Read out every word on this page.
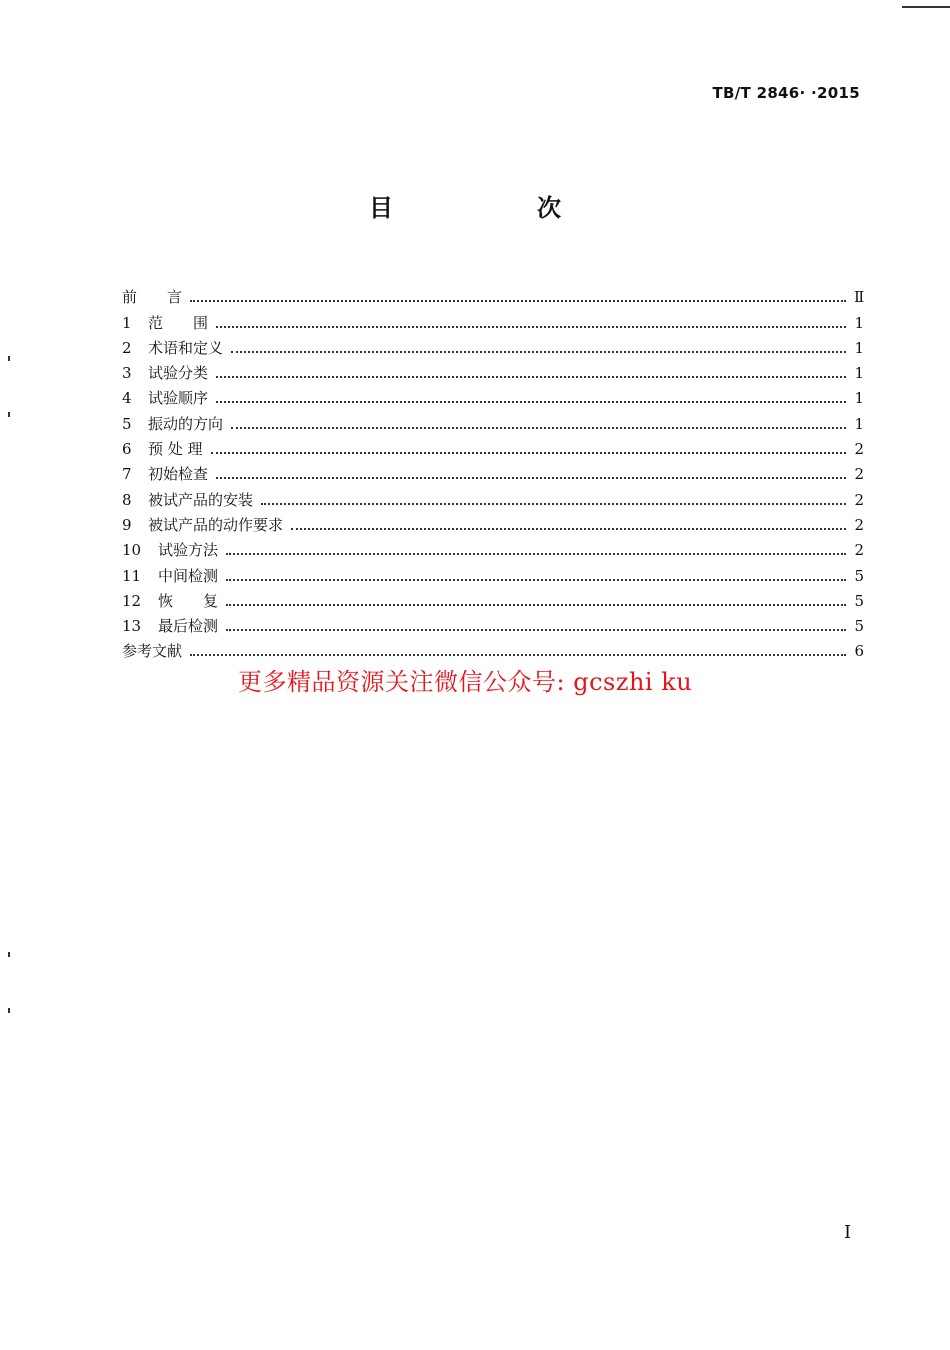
TB/T 2846· ·2015
目　次
前　　言	Ⅱ
1	范　　围	1
2	术语和定义	1
3	试验分类	1
4	试验顺序	1
5	振动的方向	1
6	预 处 理	2
7	初始检查	2
8	被试产品的安装	2
9	被试产品的动作要求	2
10	试验方法	2
11	中间检测	5
12	恢　　复	5
13	最后检测	5
参考文献	6
更多精品资源关注微信公众号: gcszhi ku
I
